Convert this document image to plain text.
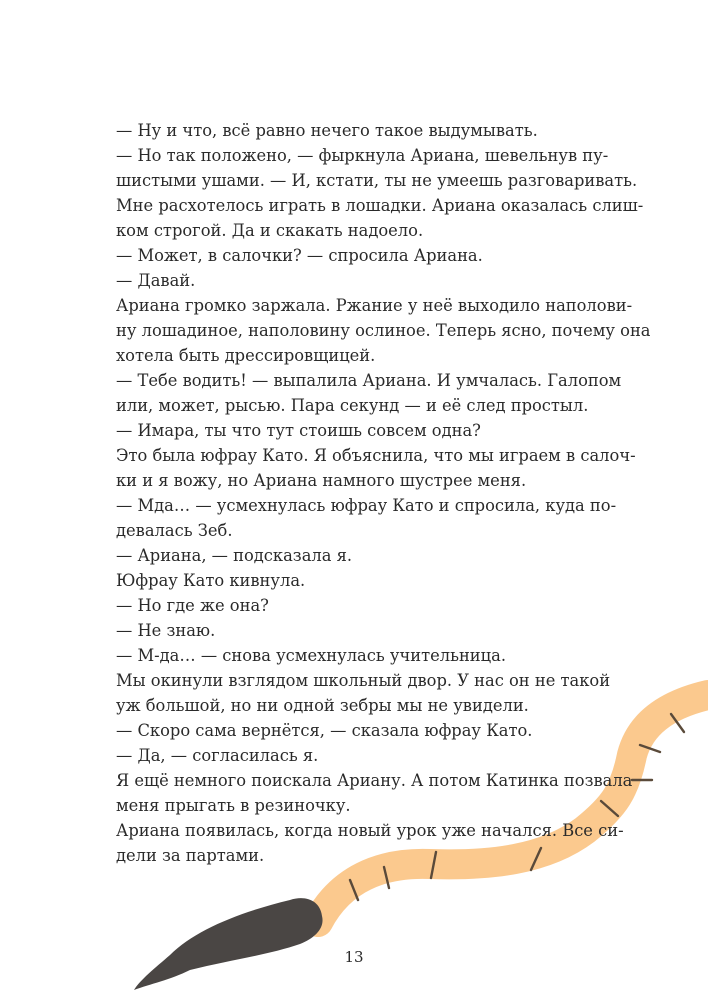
— Ну и что, всё равно нечего такое выдумывать.

— Но так положено, — фыркнула Ариана, шевельнув пу-
шистыми ушами. — И, кстати, ты не умеешь разговаривать.

Мне расхотелось играть в лошадки. Ариана оказалась слиш-
ком строгой. Да и скакать надоело.

— Может, в салочки? — спросила Ариана.

— Давай.

Ариана громко заржала. Ржание у неё выходило наполови-
ну лошадиное, наполовину ослиное. Теперь ясно, почему она
хотела быть дрессировщицей.

— Тебе водить! — выпалила Ариана. И умчалась. Галопом
или, может, рысью. Пара секунд — и её след простыл.

— Имара, ты что тут стоишь совсем одна?

Это была юфрау Като. Я объяснила, что мы играем в салоч-
ки и я вожу, но Ариана намного шустрее меня.

— Мда… — усмехнулась юфрау Като и спросила, куда по-
девалась Зеб.

— Ариана, — подсказала я.

Юфрау Като кивнула.

— Но где же она?

— Не знаю.

— М-да… — снова усмехнулась учительница.

Мы окинули взглядом школьный двор. У нас он не такой
уж большой, но ни одной зебры мы не увидели.

— Скоро сама вернётся, — сказала юфрау Като.

— Да, — согласилась я.

Я ещё немного поискала Ариану. А потом Катинка позвала
меня прыгать в резиночку.

Ариана появилась, когда новый урок уже начался. Все си-
дели за партами.

13
